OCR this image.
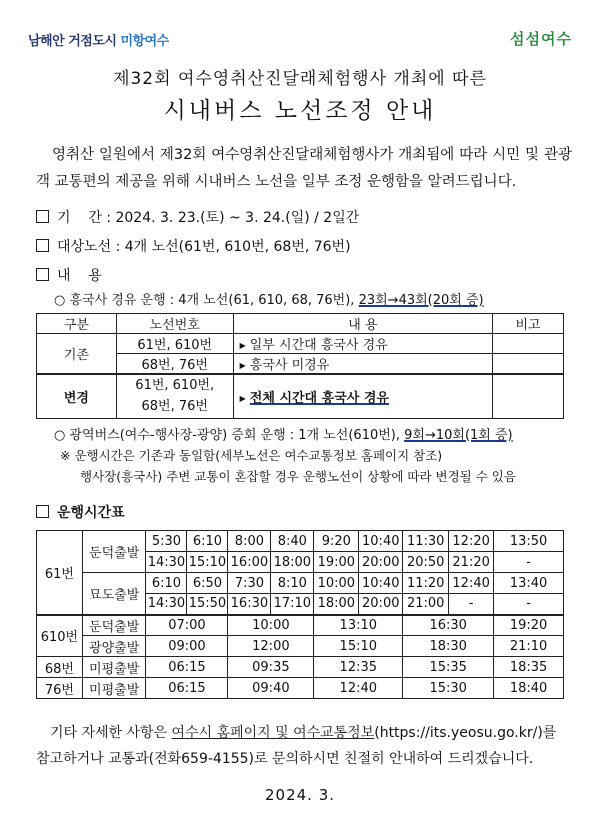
남해안 거점도시 미항여수	섬섬여수
제32회 여수영취산진달래체험행사 개최에 따른
시내버스 노선조정 안내
영취산 일원에서 제32회 여수영취산진달래체험행사가 개최됨에 따라 시민 및 관광객 교통편의 제공을 위해 시내버스 노선을 일부 조정 운행함을 알려드립니다.
기    간 : 2024. 3. 23.(토) ~ 3. 24.(일) / 2일간
대상노선 : 4개 노선(61번, 610번, 68번, 76번)
내    용
○ 흥국사 경유 운행 : 4개 노선(61, 610, 68, 76번), 23회→43회(20회 증)
구분	노선번호	내 용	비고
기존	61번, 610번	▶ 일부 시간대 흥국사 경유	
	68번, 76번	▶ 흥국사 미경유	
변경	61번, 610번,
68번, 76번	▶ 전체 시간대 흥국사 경유	
○ 광역버스(여수-행사장-광양) 증회 운행 : 1개 노선(610번), 9회→10회(1회 증)
※ 운행시간은 기존과 동일함(세부노선은 여수교통정보 홈페이지 참조)
행사장(흥국사) 주변 교통이 혼잡할 경우 운행노선이 상황에 따라 변경될 수 있음
운행시간표
61번	둔덕출발	5:30	6:10	8:00	8:40	9:20	10:40	11:30	12:20	13:50
		14:30	15:10	16:00	18:00	19:00	20:00	20:50	21:20	-
	묘도출발	6:10	6:50	7:30	8:10	10:00	10:40	11:20	12:40	13:40
		14:30	15:50	16:30	17:10	18:00	20:00	21:00	-	-
610번	둔덕출발	07:00		10:00		13:10		16:30		19:20
	광양출발	09:00		12:00		15:10		18:30		21:10
68번	미평출발	06:15		09:35		12:35		15:35		18:35
76번	미평출발	06:15		09:40		12:40		15:30		18:40
기타 자세한 사항은 여수시 홈페이지 및 여수교통정보(https://its.yeosu.go.kr/)를 참고하거나 교통과(전화659-4155)로 문의하시면 친절히 안내하여 드리겠습니다.
2024. 3.
